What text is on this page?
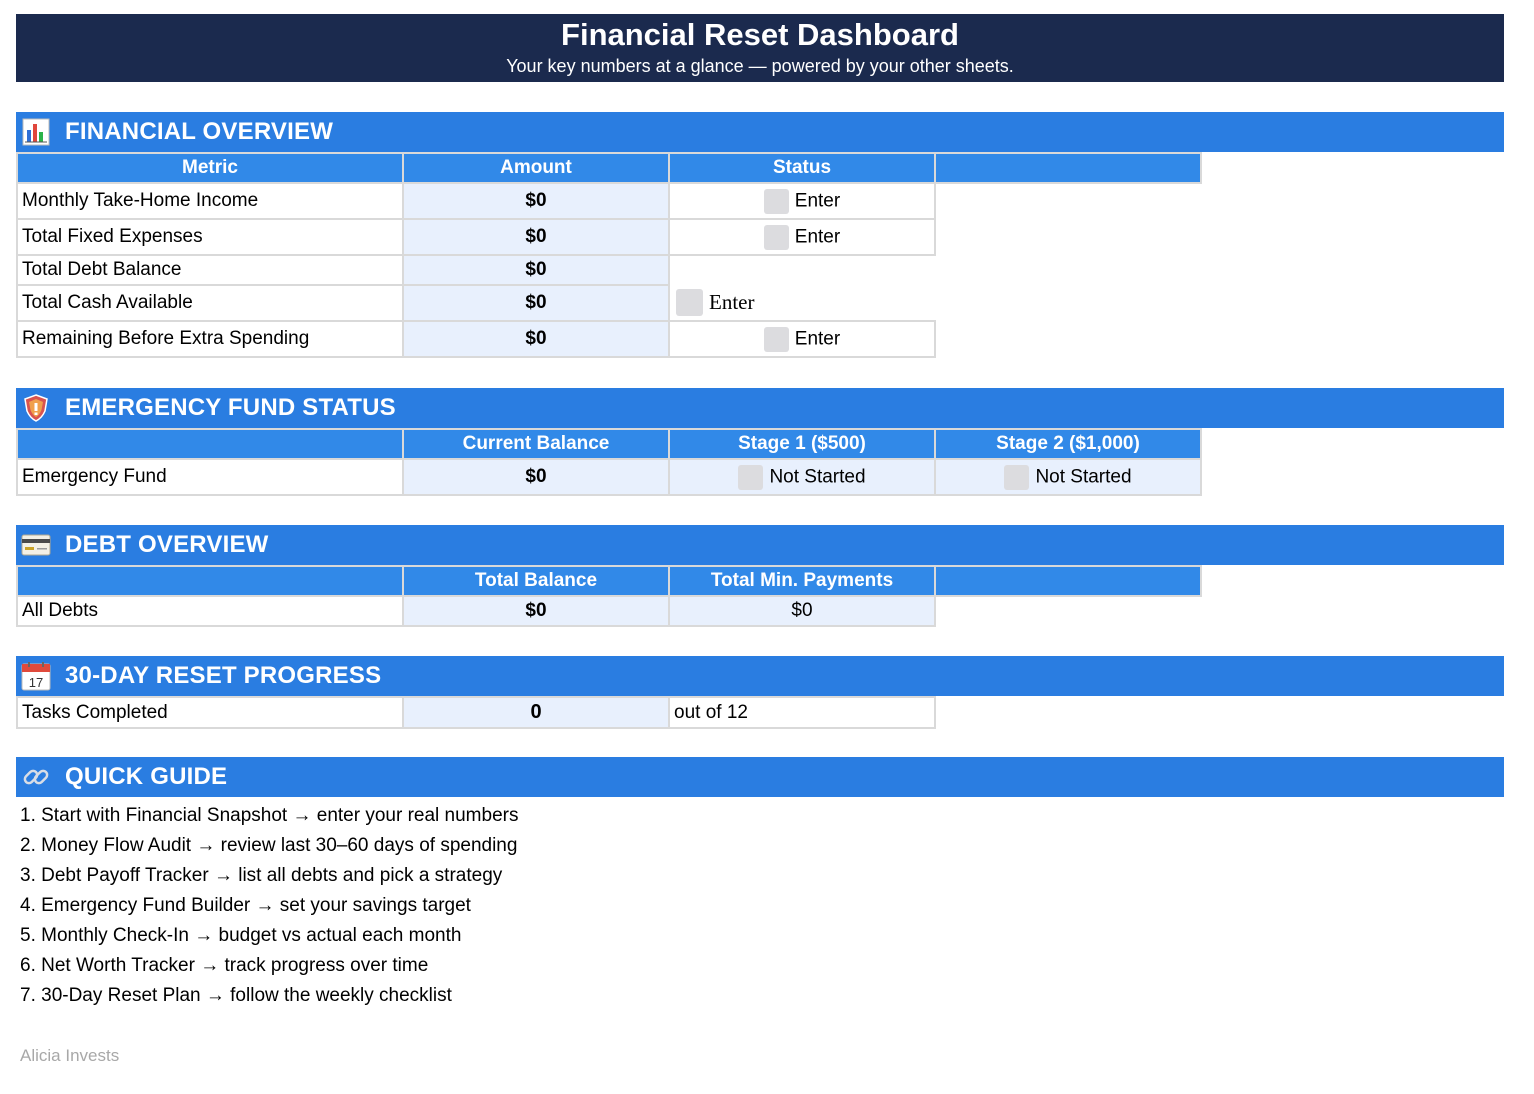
Financial Reset Dashboard
Your key numbers at a glance — powered by your other sheets.
FINANCIAL OVERVIEW
Metric	Amount	Status	
Monthly Take-Home Income	$0	Enter	
Total Fixed Expenses	$0	Enter	
Total Debt Balance	$0		
Total Cash Available	$0	Enter	
Remaining Before Extra Spending	$0	Enter	
EMERGENCY FUND STATUS
	Current Balance	Stage 1 ($500)	Stage 2 ($1,000)
Emergency Fund	$0	Not Started	Not Started
DEBT OVERVIEW
	Total Balance	Total Min. Payments	
All Debts	$0	$0	
17 30-DAY RESET PROGRESS
Tasks Completed	0	out of 12	
QUICK GUIDE
1. Start with Financial Snapshot → enter your real numbers
2. Money Flow Audit → review last 30–60 days of spending
3. Debt Payoff Tracker → list all debts and pick a strategy
4. Emergency Fund Builder → set your savings target
5. Monthly Check-In → budget vs actual each month
6. Net Worth Tracker → track progress over time
7. 30-Day Reset Plan → follow the weekly checklist
Alicia Invests
